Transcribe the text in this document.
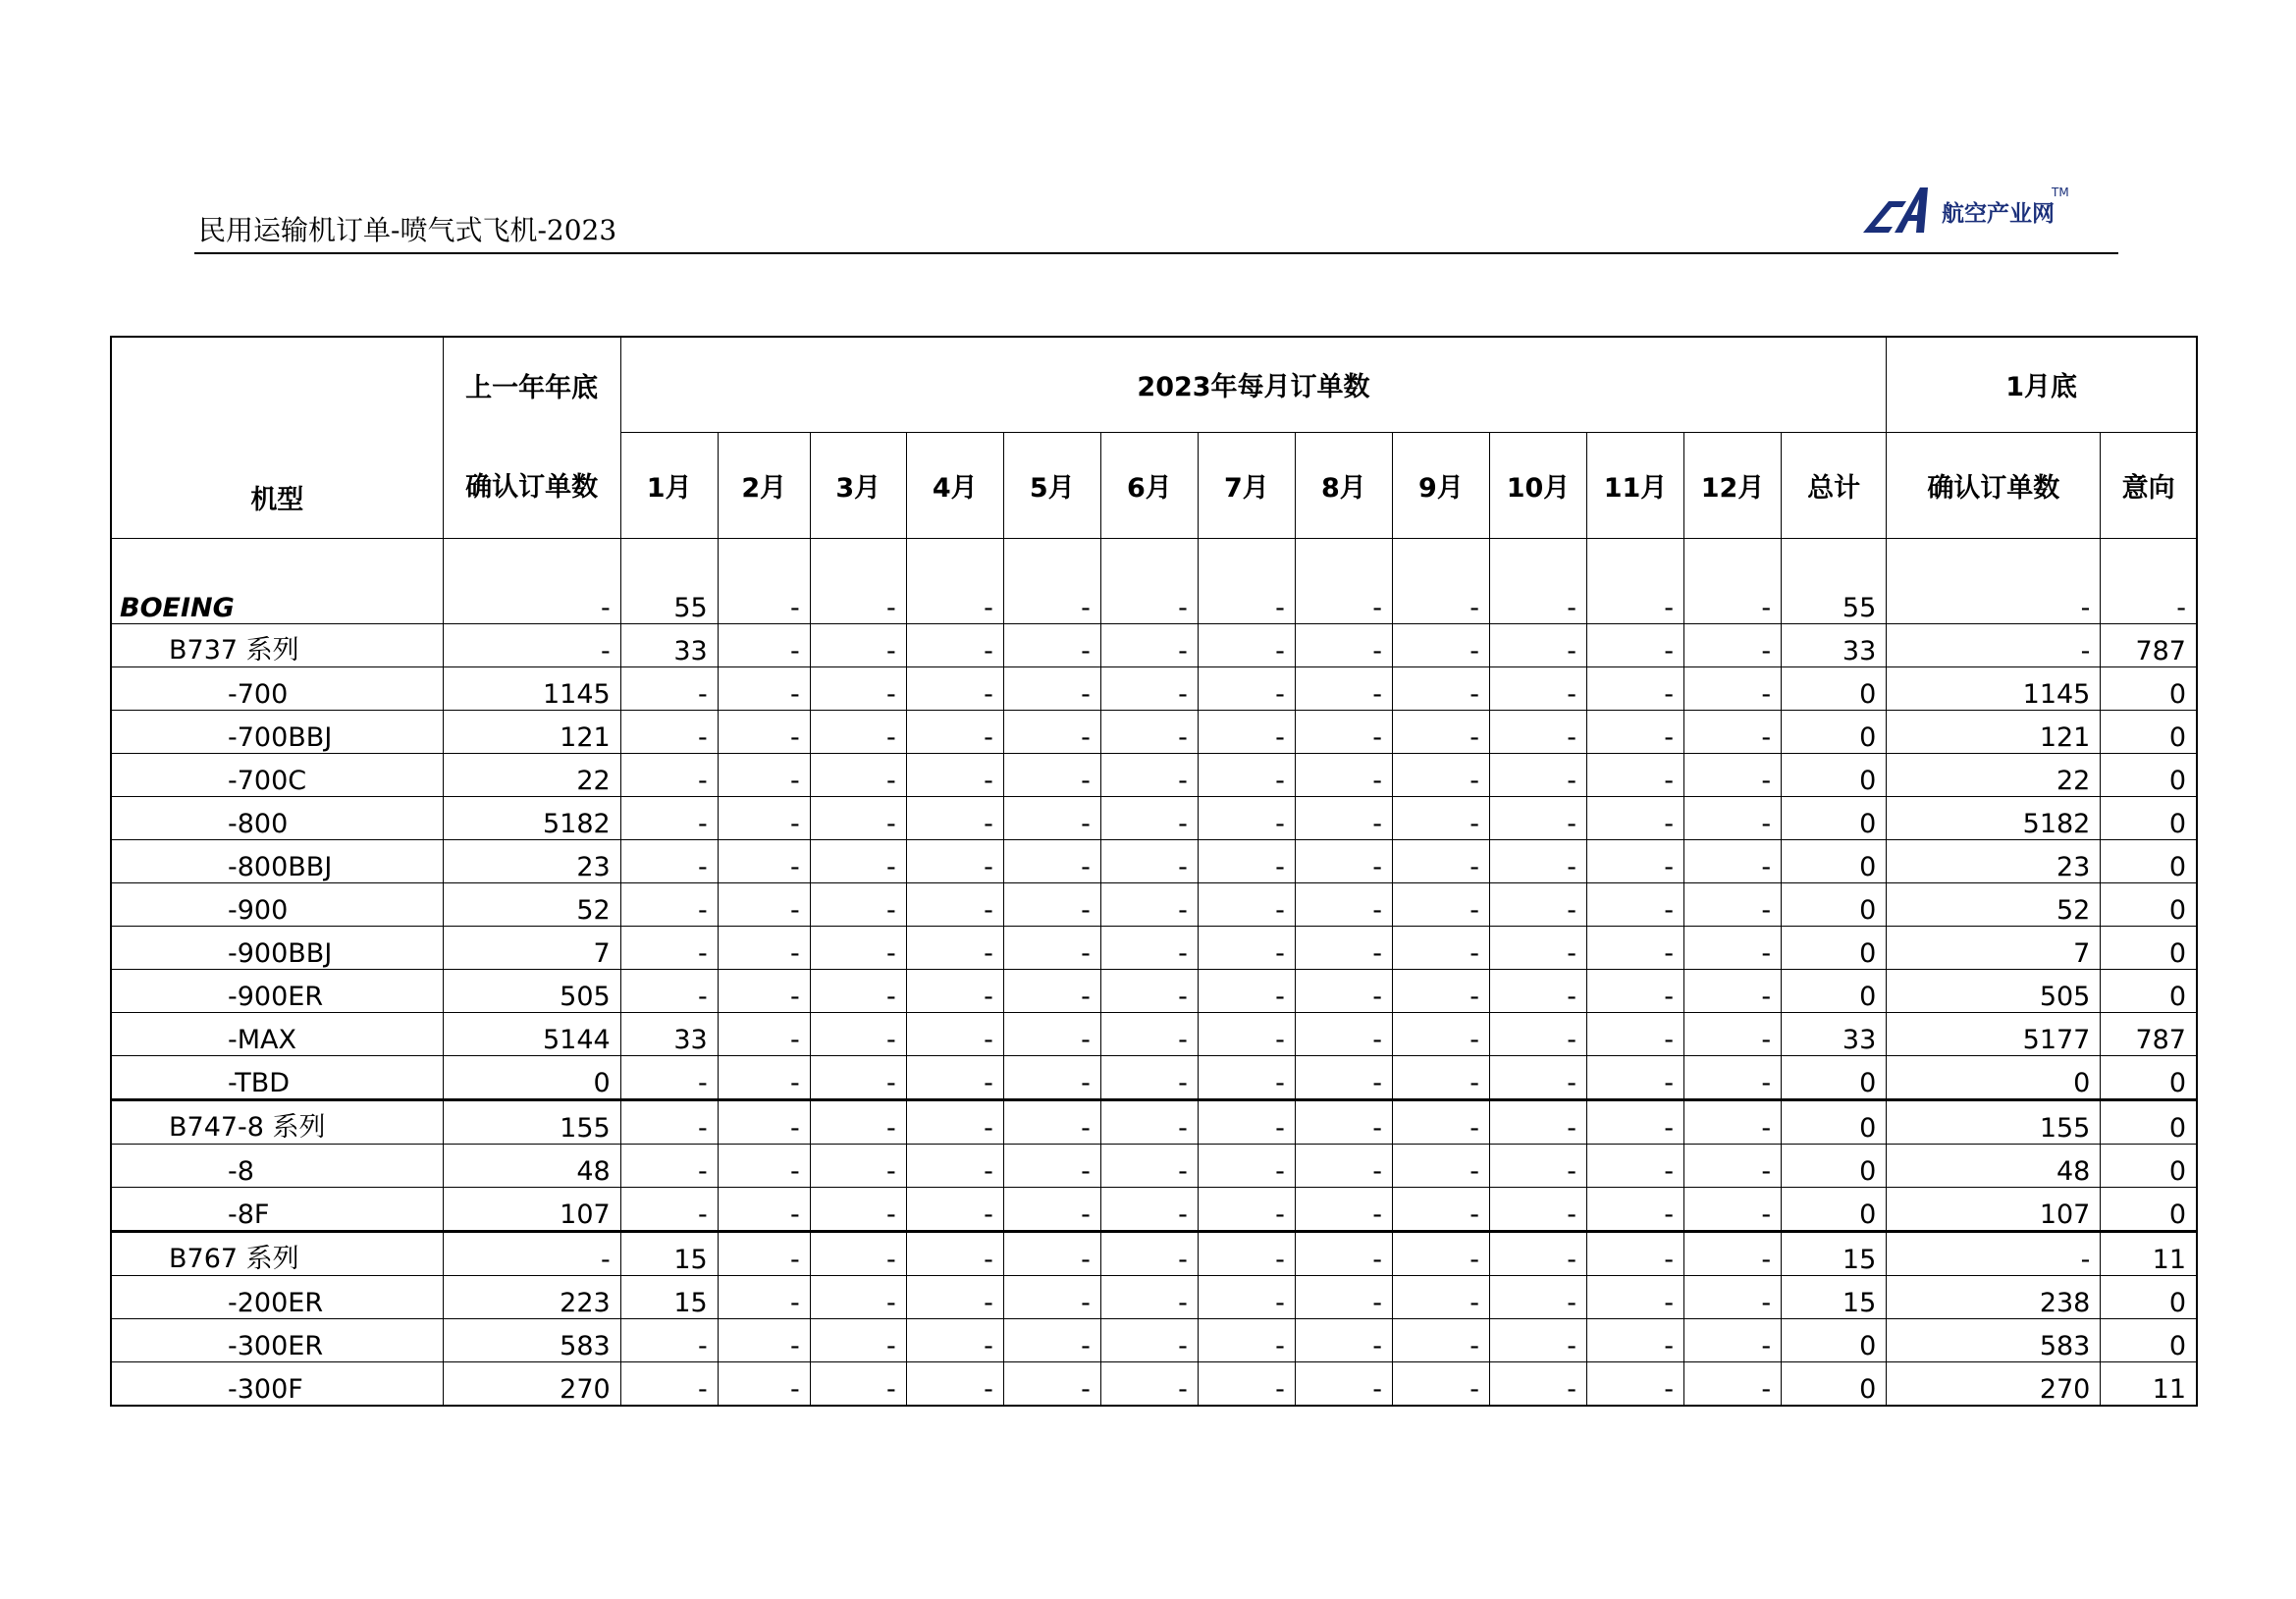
民用运输机订单-喷气式飞机-2023	航空产业网
TM
机型	上一年年底	2023年每月订单数													1月底	
	确认订单数	1月	2月	3月	4月	5月	6月	7月	8月	9月	10月	11月	12月	总计	确认订单数	意向
BOEING	-	55	-	-	-	-	-	-	-	-	-	-	-	55	-	-
B737 系列	-	33	-	-	-	-	-	-	-	-	-	-	-	33	-	787
-700	1145	-	-	-	-	-	-	-	-	-	-	-	-	0	1145	0
-700BBJ	121	-	-	-	-	-	-	-	-	-	-	-	-	0	121	0
-700C	22	-	-	-	-	-	-	-	-	-	-	-	-	0	22	0
-800	5182	-	-	-	-	-	-	-	-	-	-	-	-	0	5182	0
-800BBJ	23	-	-	-	-	-	-	-	-	-	-	-	-	0	23	0
-900	52	-	-	-	-	-	-	-	-	-	-	-	-	0	52	0
-900BBJ	7	-	-	-	-	-	-	-	-	-	-	-	-	0	7	0
-900ER	505	-	-	-	-	-	-	-	-	-	-	-	-	0	505	0
-MAX	5144	33	-	-	-	-	-	-	-	-	-	-	-	33	5177	787
-TBD	0	-	-	-	-	-	-	-	-	-	-	-	-	0	0	0
B747-8 系列	155	-	-	-	-	-	-	-	-	-	-	-	-	0	155	0
-8	48	-	-	-	-	-	-	-	-	-	-	-	-	0	48	0
-8F	107	-	-	-	-	-	-	-	-	-	-	-	-	0	107	0
B767 系列	-	15	-	-	-	-	-	-	-	-	-	-	-	15	-	11
-200ER	223	15	-	-	-	-	-	-	-	-	-	-	-	15	238	0
-300ER	583	-	-	-	-	-	-	-	-	-	-	-	-	0	583	0
-300F	270	-	-	-	-	-	-	-	-	-	-	-	-	0	270	11
